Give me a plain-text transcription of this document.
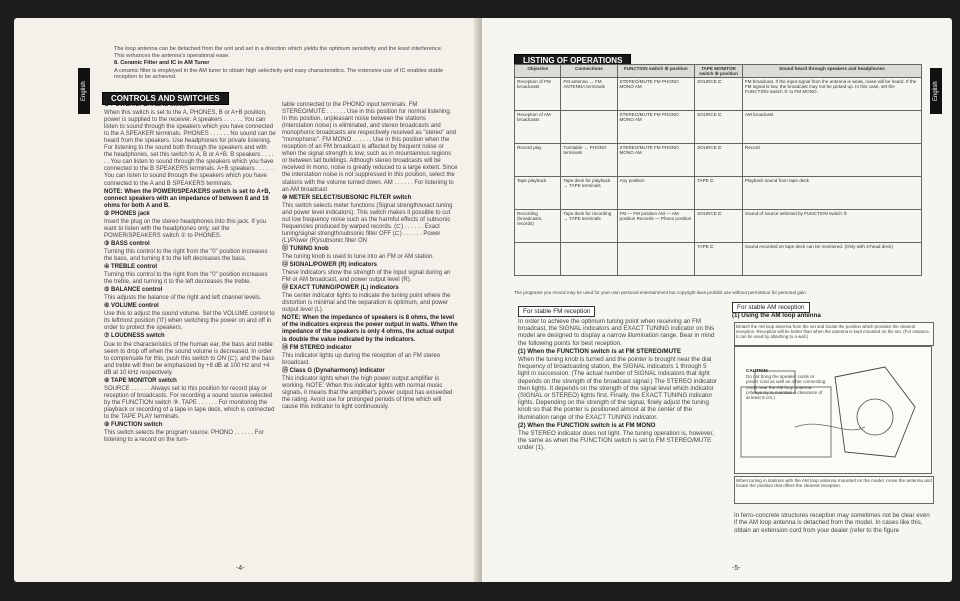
English

The loop antenna can be detached from the unit and set in a direction which yields the optimum sensitivity and the least interference. This enhances the antenna's operational ease.

8. Ceramic Filter and IC in AM Tuner

A ceramic filter is employed in the AM tuner to obtain high selectivity and easy characteristics. The extensive use of IC enables stable reception to be achieved.

CONTROLS AND SWITCHES

① POWER/SPEAKERS switch

When this switch is set to the A, PHONES, B or A+B position, power is supplied to the receiver. A speakers . . . . . . You can listen to sound through the speakers which you have connected to the A SPEAKER terminals. PHONES . . . . . . No sound can be heard from the speakers. Use headphones for private listening. For listening to the sound both through the speakers and with the headphones, set this switch to A, B or A+B. B speakers . . . . . . You can listen to sound through the speakers which you have connected to the B SPEAKERS terminals. A+B speakers . . . . . . You can listen to sound through the speakers which you have connected to the A and B SPEAKERS terminals.

NOTE: When the POWER/SPEAKERS switch is set to A+B, connect speakers with an impedance of between 8 and 16 ohms for both A and B.

② PHONES jack

Insert the plug on the stereo headphones into this jack. If you want to listen with the headphones only, set the POWER/SPEAKERS switch ① to PHONES.

③ BASS control

Turning this control to the right from the "0" position increases the bass, and turning it to the left decreases the bass.

④ TREBLE control

Turning this control to the right from the "0" position increases the treble, and turning it to the left decreases the treble.

⑤ BALANCE control

This adjusts the balance of the right and left channel levels.

⑥ VOLUME control

Use this to adjust the sound volume. Set the VOLUME control to its leftmost position ('0') when switching the power on and off in order to protect the speakers.

⑦ LOUDNESS switch

Due to the characteristics of the human ear, the bass and treble seem to drop off when the sound volume is decreased. In order to compensate for this, push this switch to ON (⊏), and the bass and treble will then be emphasized by +8 dB at 100 Hz and +4 dB at 10 kHz respectively.

⑧ TAPE MONITOR switch

SOURCE . . . . . . Always set to this position for record play or reception of broadcasts. For recording a sound source selected by the FUNCTION switch ⑨. TAPE . . . . . . For monitoring the playback or recording of a tape in tape deck, which is connected to the TAPE PLAY terminals.

⑨ FUNCTION switch

This switch selects the program source. PHONO . . . . . . For listening to a record on the turn-

table connected to the PHONO input terminals. FM STEREO/MUTE . . . . . . Use in this position for normal listening. In this position, unpleasant noise between the stations (interstation noise) is eliminated, and stereo broadcasts and monophonic broadcasts are respectively received as "stereo" and "monophonic". FM MONO . . . . . . Use in this position when the reception of an FM broadcast is affected by frequent noise or when the signal strength is low, such as in mountainous regions or between tall buildings. Although stereo broadcasts will be received in mono, noise is greatly reduced to a large extent. Since the interstation noise is not suppressed in this position, select the stations with the volume turned down. AM . . . . . . For listening to an AM broadcast

⑩ METER SELECT/SUBSONIC FILTER switch

This switch selects meter functions (Signal strength/exact tuning and power level indicators). This switch makes it possible to cut out low frequency noise such as the harmful effects of subsonic frequencies produced by warped records. (⊏) . . . . . . Exact tuning/signal strength/subsonic filter OFF (⊏) . . . . . . Power (L)/Power (R)/subsonic filter ON

⑪ TUNING knob

The tuning knob is used to tune into an FM or AM station.

⑫ SIGNAL/POWER (R) indicators

These indicators show the strength of the input signal during an FM or AM broadcast, and power output level (R).

⑬ EXACT TUNING/POWER (L) indicators

The center indicator lights to indicate the tuning point where the distortion is minimal and the separation is optimum, and power output level (L).

NOTE: When the impedance of speakers is 8 ohms, the level of the indicators express the power output in watts. When the impedance of the speakers is only 4 ohms, the actual output is double the value indicated by the indicators.

⑭ FM STEREO indicator

This indicator lights up during the reception of an FM stereo broadcast.

⑮ Class G (Dynaharmony) indicator

This indicator lights when the high power output amplifier is working. NOTE: When this indicator lights with normal music signals, it means that the amplifier's power output has exceeded the rating. Avoid use for prolonged periods of time which will cause this indicator to light continuously.

-4-
English
LISTING OF OPERATIONS
Objective	Connections	FUNCTION switch ⑨ position	TAPE MONITOR switch ⑧ position	Sound heard through speakers and headphones
Reception of FM broadcasts	FM antenna → FM ANTENNA terminals	STEREO/MUTE FM PHONO MONO AM	SOURCE ⊏	FM broadcast. If the input signal from the antenna is weak, noise will be heard. If the FM signal is low, the broadcast may not be picked up. In this case, set the FUNCTION switch ⑨ to FM MONO.
Reception of AM broadcasts		STEREO/MUTE FM PHONO MONO AM	SOURCE ⊏	AM broadcast
Record play	Turntable → PHONO terminals	STEREO/MUTE FM PHONO MONO AM	SOURCE ⊏	Record
Tape playback	Tape deck for playback → TAPE terminals	Any position	TAPE ⊏	Playback sound from tape deck
Recording (broadcasts, records)	Tape deck for recording → TAPE terminals	FM — FM position AM — AM position Records — Phono position	SOURCE ⊏	Sound of source selected by FUNCTION switch ⑨
			TAPE ⊏	Sound recorded on tape deck can be monitored. (Only with 3-head deck)
The programs you record may be used for your own personal entertainment but copyright laws prohibit use without permission for personal gain.
For stable FM reception

In order to achieve the optimum tuning point when receiving an FM broadcast, the SIGNAL indicators and EXACT TUNING indicator on this model are designed to display a narrow illumination range. Bear in mind the following points for best reception.

(1) When the FUNCTION switch is at FM STEREO/MUTE

When the tuning knob is turned and the pointer is brought near the dial frequency of broadcasting station, the SIGNAL indicators 1 through 5 light in succession. (The actual number of SIGNAL indicators that light depends on the strength of the broadcast signal.) The STEREO indicator then lights. It depends on the strength of the signal level which indicator (SIGNAL or STEREO) lights first. Finally, the EXACT TUNING indicator lights. Depending on the strength of the signal, finely adjust the tuning knob so that the pointer is positioned almost at the center of the illumination range of the EXACT TUNING indicator.

(2) When the FUNCTION switch is at FM MONO

The STEREO indicator does not light. The tuning operation is, however, the same as when the FUNCTION switch is set to FM STEREO/MUTE under (1).

For stable AM reception

(1) Using the AM loop antenna

Detach the AM loop antenna from the set and locate the position which provides the clearest reception. Reception will be better than when the antenna is kept mounted on the set. (For instance, it can be used by attaching to a wall.)

CAUTION:

Do not bring the speaker cords or power cord as well as other connecting cords near the AM loop antenna. (Always try to maintain a clearance of at least 5 cm.)

When tuning in stations with the AM loop antenna mounted on the model, move the antenna and locate the position that offers the clearest reception.
In ferro-concrete structures reception may sometimes not be clear even if the AM loop antenna is detached from the model. In cases like this, obtain an extension cord from your dealer (refer to the figure
-5-
